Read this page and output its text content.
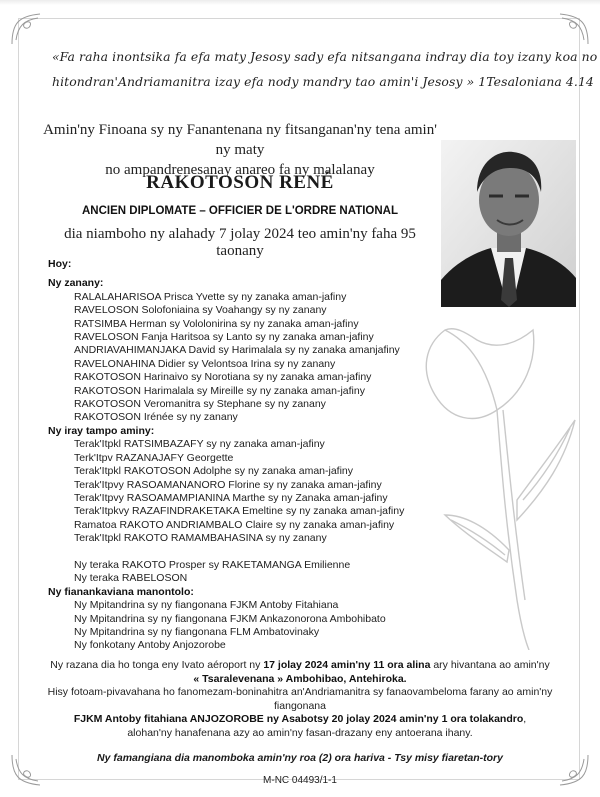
«Fa raha inontsika fa efa maty Jesosy sady efa nitsangana indray dia toy izany koa no
hitondran'Andriamanitra izay efa nody mandry tao amin'i Jesosy » 1Tesaloniana 4.14
Amin'ny Finoana sy ny Fanantenana ny fitsanganan'ny tena amin' ny maty
no ampandrenesanay anareo fa ny malalanay
RAKOTOSON RENÉ
ANCIEN DIPLOMATE – OFFICIER DE L'ORDRE NATIONAL
dia niamboho ny alahady 7 jolay 2024 teo amin'ny faha 95 taonany
Hoy:
Ny zanany:
RALALAHARISOA Prisca Yvette sy ny zanaka aman-jafiny
RAVELOSON Solofoniaina sy Voahangy sy ny zanany
RATSIMBA Herman sy Vololonirina sy ny zanaka aman-jafiny
RAVELOSON Fanja Haritsoa sy Lanto sy ny zanaka aman-jafiny
ANDRIAVAHIMANJAKA David sy Harimalala sy ny zanaka amanjafiny
RAVELONAHINA Didier sy Velontsoa Irina sy ny zanany
RAKOTOSON Harinaivo sy Norotiana sy ny zanaka aman-jafiny
RAKOTOSON Harimalala sy Mireille sy ny zanaka aman-jafiny
RAKOTOSON Veromanitra sy Stephane sy ny zanany
RAKOTOSON Irénée sy ny zanany
Ny iray tampo aminy:
Terak'Itpkl RATSIMBAZAFY sy ny zanaka aman-jafiny
Terk'Itpv RAZANAJAFY Georgette
Terak'Itpkl RAKOTOSON Adolphe sy ny zanaka aman-jafiny
Terak'Itpvy RASOAMANANORO Florine sy ny zanaka aman-jafiny
Terak'Itpvy RASOAMAMPIANINA Marthe sy ny Zanaka aman-jafiny
Terak'Itpkvy RAZAFINDRAKETAKA Emeltine sy ny zanaka aman-jafiny
Ramatoa RAKOTO ANDRIAMBALO Claire sy ny zanaka aman-jafiny
Terak'Itpkl RAKOTO RAMAMBAHASINA sy ny zanany
Ny teraka RAKOTO Prosper sy RAKETAMANGA Emilienne
Ny teraka RABELOSON
Ny fianankaviana manontolo:
Ny Mpitandrina sy ny fiangonana FJKM Antoby Fitahiana
Ny Mpitandrina sy ny fiangonana FJKM Ankazonorona Ambohibato
Ny Mpitandrina sy ny fiangonana FLM Ambatovinaky
Ny fonkotany Antoby Anjozorobe
Ny razana dia ho tonga eny Ivato aéroport ny 17 jolay 2024 amin'ny 11 ora alina ary hivantana ao amin'ny
« Tsaralevenana » Ambohibao, Antehiroka.
Hisy fotoam-pivavahana ho fanomezam-boninahitra an'Andriamanitra sy fanaovambeloma farany ao amin'ny fiangonana
FJKM Antoby fitahiana ANJOZOROBE ny Asabotsy 20 jolay 2024 amin'ny 1 ora tolakandro,
alohan'ny hanafenana azy ao amin'ny fasan-drazany eny antoerana ihany.
Ny famangiana dia manomboka amin'ny roa (2) ora hariva - Tsy misy fiaretan-tory
M-NC 04493/1-1
